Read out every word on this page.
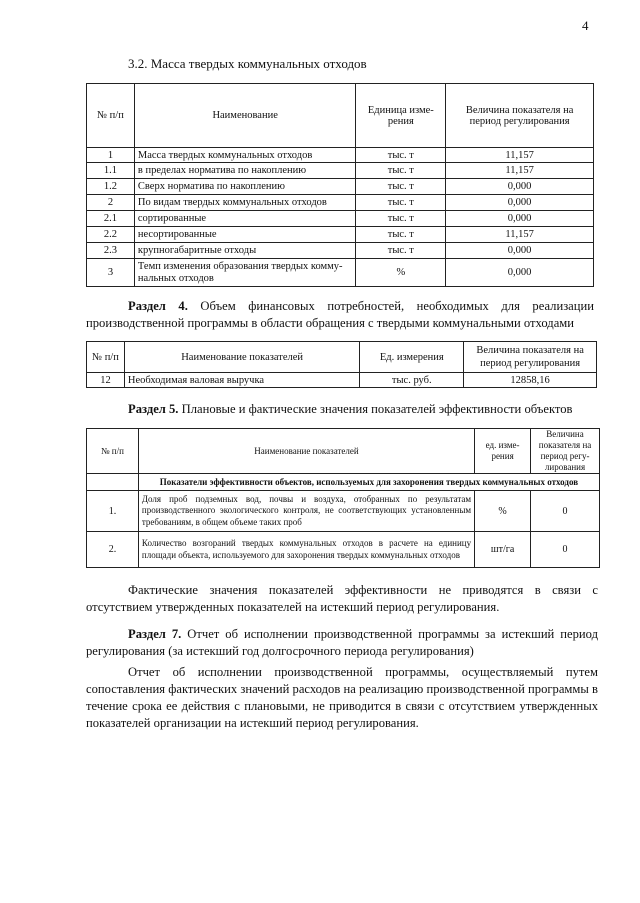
4
3.2. Масса твердых коммунальных отходов
№ п/п	Наименование	Единица изме-рения	Величина показателя на период регулирования
1	Масса твердых коммунальных отходов	тыс. т	11,157
1.1	в пределах норматива по накоплению	тыс. т	11,157
1.2	Сверх норматива по накоплению	тыс. т	0,000
2	По видам твердых коммунальных отходов	тыс. т	0,000
2.1	сортированные	тыс. т	0,000
2.2	несортированные	тыс. т	11,157
2.3	крупногабаритные отходы	тыс. т	0,000
3	Темп изменения образования твердых комму-нальных отходов	%	0,000

Раздел 4. Объем финансовых потребностей, необходимых для реализации производственной программы в области обращения с твердыми коммунальными отходами

№ п/п	Наименование показателей	Ед. измерения	Величина показателя на период регулирования
12	Необходимая валовая выручка	тыс. руб.	12858,16

Раздел 5. Плановые и фактические значения показателей эффективности объектов

№ п/п	Наименование показателей	ед. изме-рения	Величина показателя на период регу-лирования
	Показатели эффективности объектов, используемых для захоронения твердых коммунальных отходов		
1.	Доля проб подземных вод, почвы и воздуха, отобранных по результатам производственного экологического контроля, не соответствующих установленным требованиям, в общем объеме таких проб	%	0
2.	Количество возгораний твердых коммунальных отходов в расчете на единицу площади объекта, используемого для захоронения твердых коммунальных отходов	шт/га	0

Фактические значения показателей эффективности не приводятся в связи с отсутствием утвержденных показателей на истекший период регулирования.

Раздел 7. Отчет об исполнении производственной программы за истекший период регулирования (за истекший год долгосрочного периода регулирования)

Отчет об исполнении производственной программы, осуществляемый путем сопоставления фактических значений расходов на реализацию производственной программы в течение срока ее действия с плановыми, не приводится в связи с отсутствием утвержденных показателей организации на истекший период регулирования.
